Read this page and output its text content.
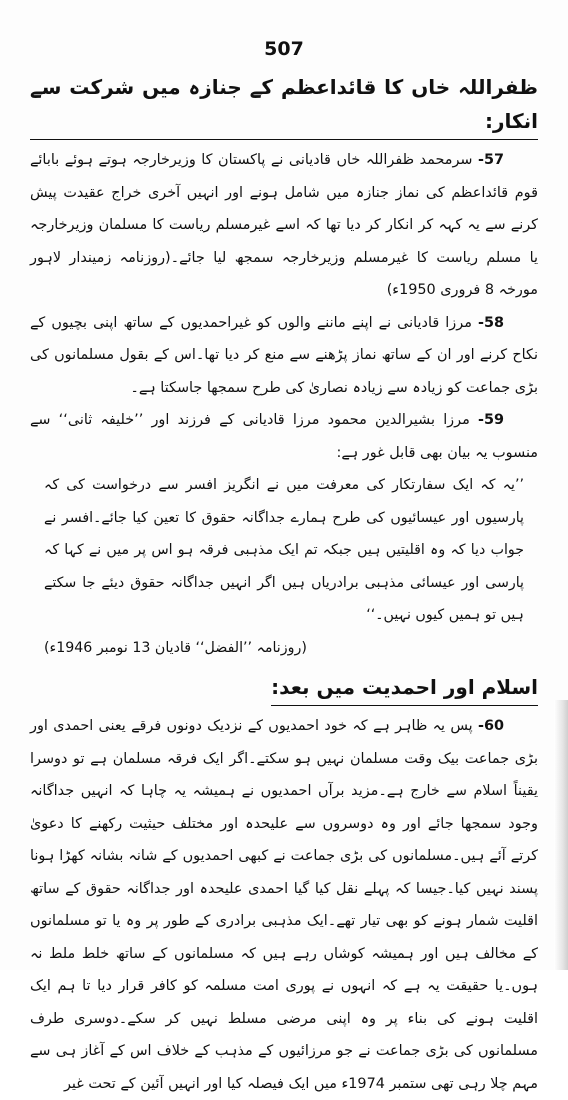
507
ظفراللہ خاں کا قائداعظم کے جنازہ میں شرکت سے انکار:

57- سرمحمد ظفراللہ خاں قادیانی نے پاکستان کا وزیرخارجہ ہوتے ہوئے بابائے قوم قائداعظم کی نماز جنازہ میں شامل ہونے اور انہیں آخری خراج عقیدت پیش کرنے سے یہ کہہ کر انکار کر دیا تھا کہ اسے غیرمسلم ریاست کا مسلمان وزیرخارجہ یا مسلم ریاست کا غیرمسلم وزیرخارجہ سمجھ لیا جائے۔(روزنامہ زمیندار لاہور مورخہ 8 فروری 1950ء)

58- مرزا قادیانی نے اپنے ماننے والوں کو غیراحمدیوں کے ساتھ اپنی بچیوں کے نکاح کرنے اور ان کے ساتھ نماز پڑھنے سے منع کر دیا تھا۔اس کے بقول مسلمانوں کی بڑی جماعت کو زیادہ سے زیادہ نصاریٰ کی طرح سمجھا جاسکتا ہے۔

59- مرزا بشیرالدین محمود مرزا قادیانی کے فرزند اور ’’خلیفہ ثانی‘‘ سے منسوب یہ بیان بھی قابل غور ہے:

’’یہ کہ ایک سفارتکار کی معرفت میں نے انگریز افسر سے درخواست کی کہ پارسیوں اور عیسائیوں کی طرح ہمارے جداگانہ حقوق کا تعین کیا جائے۔افسر نے جواب دیا کہ وہ اقلیتیں ہیں جبکہ تم ایک مذہبی فرقہ ہو اس پر میں نے کہا کہ پارسی اور عیسائی مذہبی برادریاں ہیں اگر انہیں جداگانہ حقوق دیئے جا سکتے ہیں تو ہمیں کیوں نہیں۔‘‘
(روزنامہ ’’الفضل‘‘ قادیان 13 نومبر 1946ء)
اسلام اور احمدیت میں بعد:

60- پس یہ ظاہر ہے کہ خود احمدیوں کے نزدیک دونوں فرقے یعنی احمدی اور بڑی جماعت بیک وقت مسلمان نہیں ہو سکتے۔اگر ایک فرقہ مسلمان ہے تو دوسرا یقیناً اسلام سے خارج ہے۔مزید برآں احمدیوں نے ہمیشہ یہ چاہا کہ انہیں جداگانہ وجود سمجھا جائے اور وہ دوسروں سے علیحدہ اور مختلف حیثیت رکھنے کا دعویٰ کرتے آئے ہیں۔مسلمانوں کی بڑی جماعت نے کبھی احمدیوں کے شانہ بشانہ کھڑا ہونا پسند نہیں کیا۔جیسا کہ پہلے نقل کیا گیا احمدی علیحدہ اور جداگانہ حقوق کے ساتھ اقلیت شمار ہونے کو بھی تیار تھے۔ایک مذہبی برادری کے طور پر وہ یا تو مسلمانوں کے مخالف ہیں اور ہمیشہ کوشاں رہے ہیں کہ مسلمانوں کے ساتھ خلط ملط نہ ہوں۔یا حقیقت یہ ہے کہ انہوں نے پوری امت مسلمہ کو کافر قرار دیا تا ہم ایک اقلیت ہونے کی بناء پر وہ اپنی مرضی مسلط نہیں کر سکے۔دوسری طرف مسلمانوں کی بڑی جماعت نے جو مرزائیوں کے مذہب کے خلاف اس کے آغاز ہی سے مہم چلا رہی تھی ستمبر 1974ء میں ایک فیصلہ کیا اور انہیں آئین کے تحت غیر
